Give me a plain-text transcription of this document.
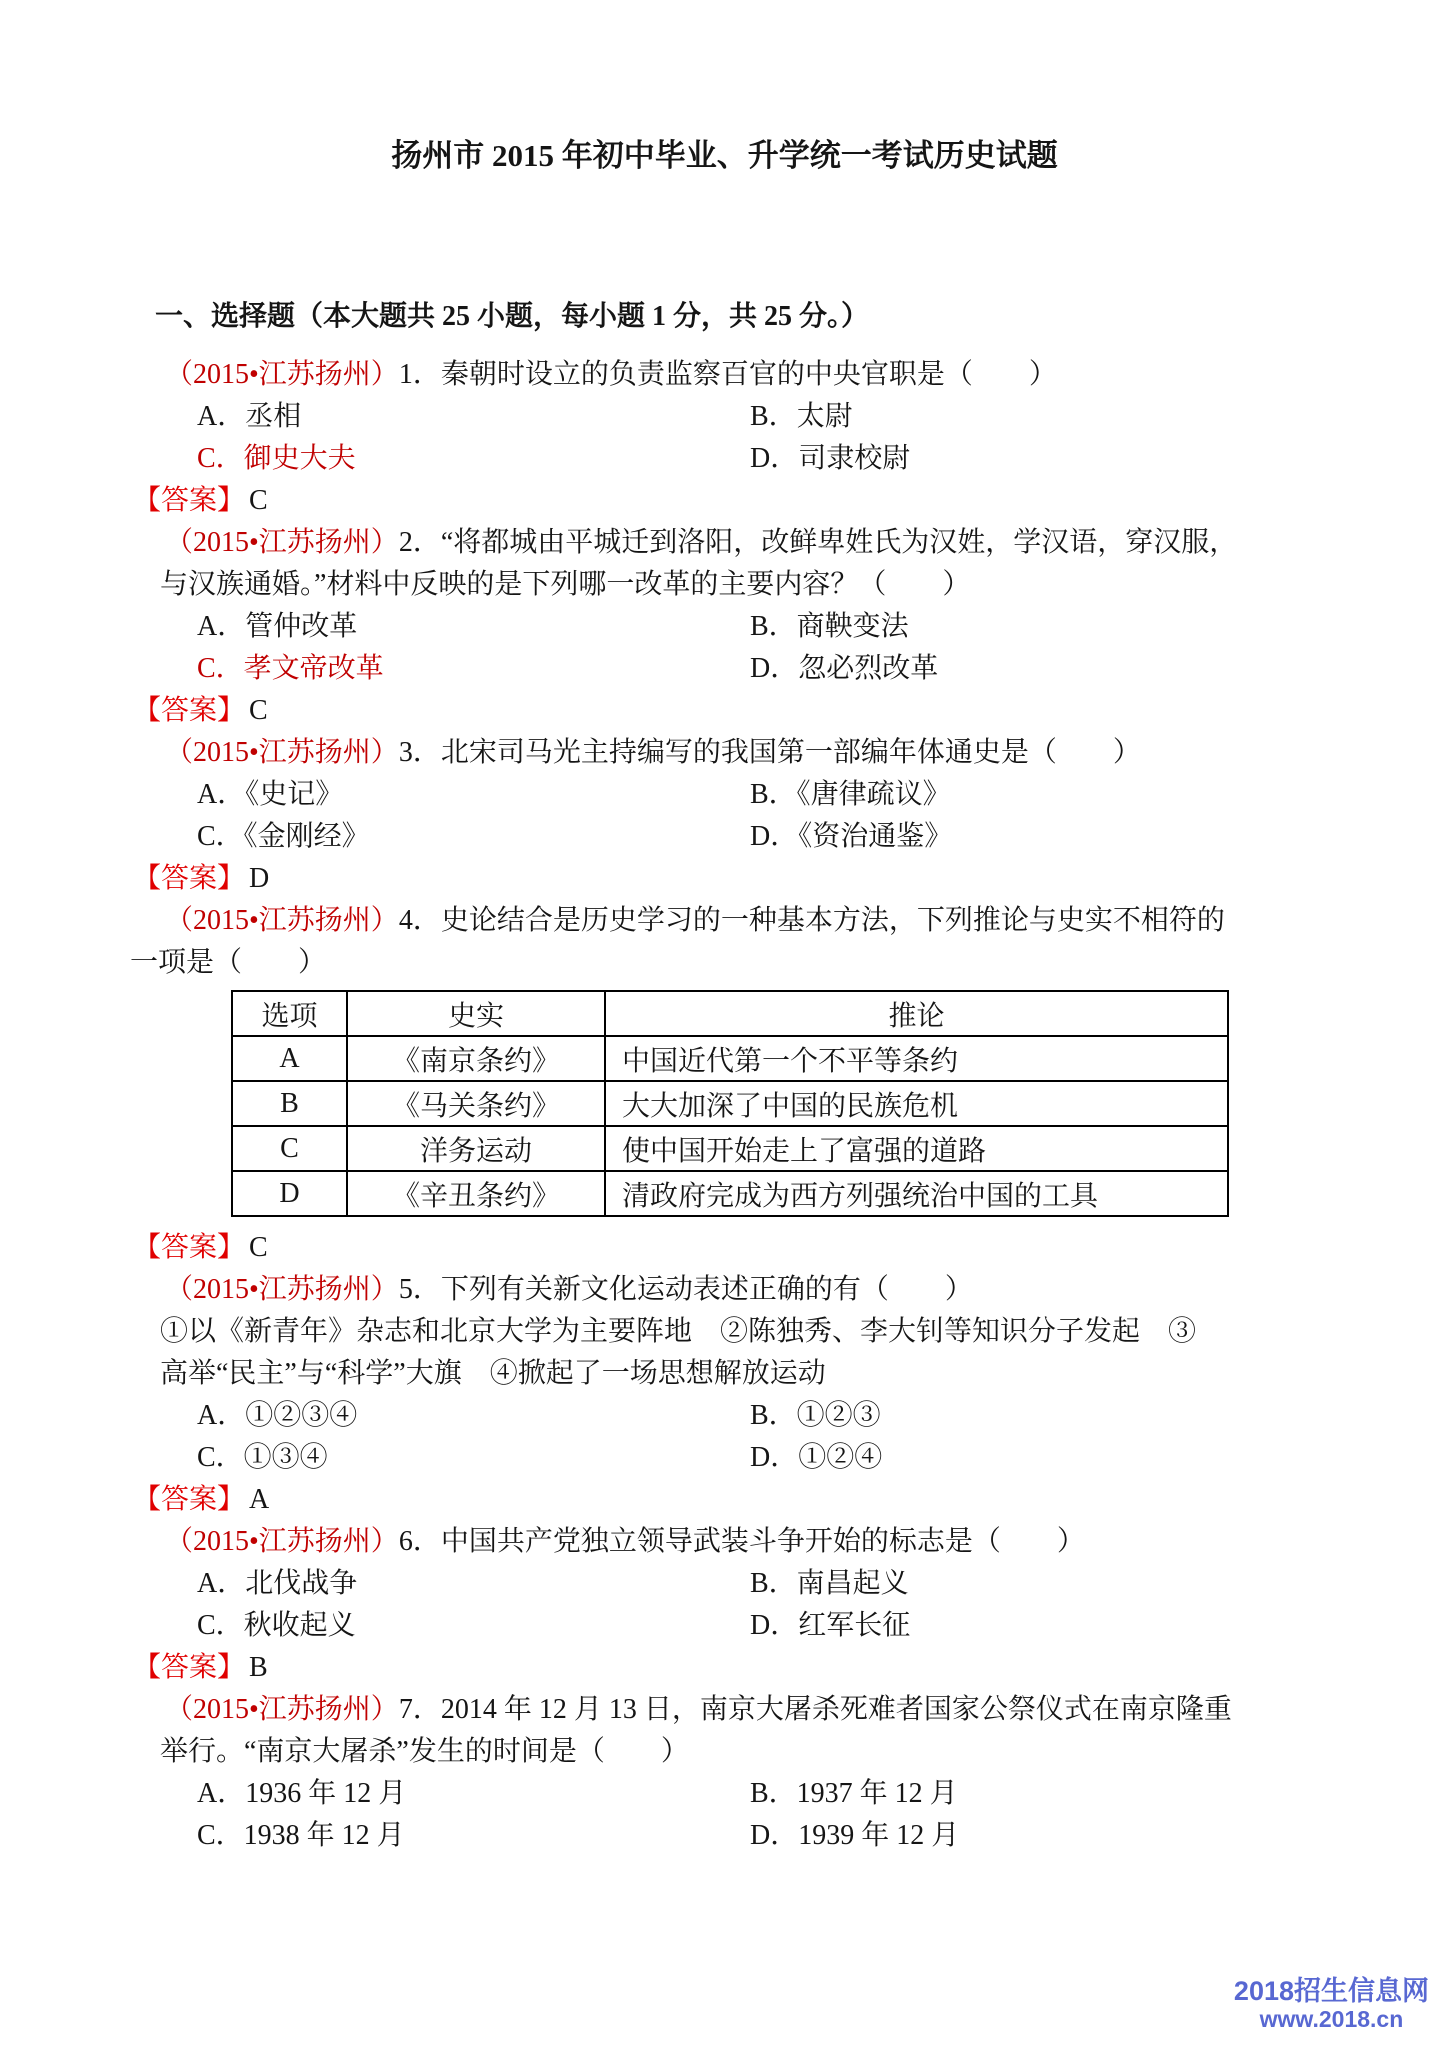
扬州市 2015 年初中毕业、升学统一考试历史试题
一、选择题（本大题共 25 小题，每小题 1 分，共 25 分。）
（2015•江苏扬州）1．秦朝时设立的负责监察百官的中央官职是（　　）
A．丞相	B．太尉
C．御史大夫	D．司隶校尉
【答案】 C
（2015•江苏扬州）2．“将都城由平城迁到洛阳，改鲜卑姓氏为汉姓，学汉语，穿汉服，
与汉族通婚。”材料中反映的是下列哪一改革的主要内容？（　　）
A．管仲改革	B．商鞅变法
C．孝文帝改革	D．忽必烈改革
【答案】 C
（2015•江苏扬州）3．北宋司马光主持编写的我国第一部编年体通史是（　　）
A．《史记》	B．《唐律疏议》
C．《金刚经》	D．《资治通鉴》
【答案】 D
（2015•江苏扬州）4．史论结合是历史学习的一种基本方法，下列推论与史实不相符的
一项是（　　）
选项	史实	推论
A	《南京条约》	中国近代第一个不平等条约
B	《马关条约》	大大加深了中国的民族危机
C	洋务运动	使中国开始走上了富强的道路
D	《辛丑条约》	清政府完成为西方列强统治中国的工具
【答案】 C
（2015•江苏扬州）5．下列有关新文化运动表述正确的有（　　）
①以《新青年》杂志和北京大学为主要阵地　②陈独秀、李大钊等知识分子发起　③
高举“民主”与“科学”大旗　④掀起了一场思想解放运动
A．①②③④	B．①②③
C．①③④	D．①②④
【答案】 A
（2015•江苏扬州）6．中国共产党独立领导武装斗争开始的标志是（　　）
A．北伐战争	B．南昌起义
C．秋收起义	D．红军长征
【答案】 B
（2015•江苏扬州）7．2014 年 12 月 13 日，南京大屠杀死难者国家公祭仪式在南京隆重
举行。“南京大屠杀”发生的时间是（　　）
A．1936 年 12 月	B．1937 年 12 月
C．1938 年 12 月	D．1939 年 12 月
2018招生信息网
www.2018.cn
